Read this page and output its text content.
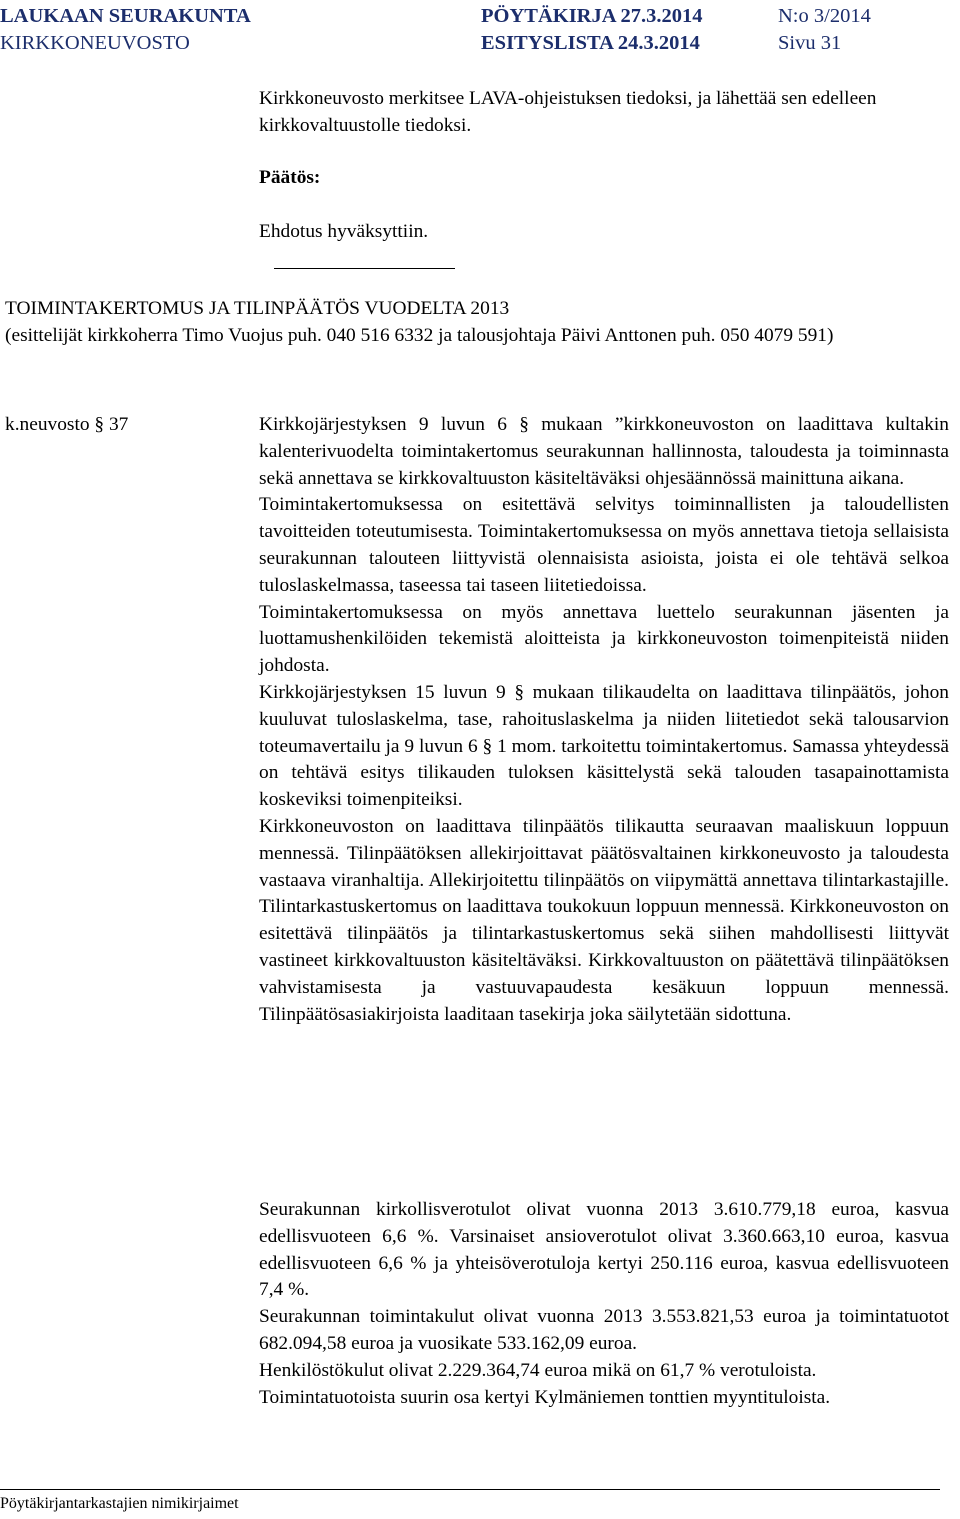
LAUKAAN SEURAKUNTA
KIRKKONEUVOSTO
PÖYTÄKIRJA 27.3.2014
ESITYSLISTA 24.3.2014
N:o 3/2014
Sivu 31

Kirkkoneuvosto merkitsee LAVA-ohjeistuksen tiedoksi, ja lähettää sen edelleen kirkkovaltuustolle tiedoksi.

Päätös:

Ehdotus hyväksyttiin.

TOIMINTAKERTOMUS JA TILINPÄÄTÖS VUODELTA 2013

(esittelijät kirkkoherra Timo Vuojus puh. 040 516 6332 ja talousjohtaja Päivi Anttonen puh. 050 4079 591)

k.neuvosto § 37	Kirkkojärjestyksen 9 luvun 6 § mukaan ”kirkkoneuvoston on laadittava kultakin kalenterivuodelta toimintakertomus seurakunnan hallinnosta, taloudesta ja toiminnasta sekä annettava se kirkkovaltuuston käsiteltäväksi ohjesäännössä mainittuna aikana.

Toimintakertomuksessa on esitettävä selvitys toiminnallisten ja taloudellisten tavoitteiden toteutumisesta. Toimintakertomuksessa on myös annettava tietoja sellaisista seurakunnan talouteen liittyvistä olennaisista asioista, joista ei ole tehtävä selkoa tuloslaskelmassa, taseessa tai taseen liitetiedoissa.

Toimintakertomuksessa on myös annettava luettelo seurakunnan jäsenten ja luottamushenkilöiden tekemistä aloitteista ja kirkkoneuvoston toimenpiteistä niiden johdosta.

Kirkkojärjestyksen 15 luvun 9 § mukaan tilikaudelta on laadittava tilinpäätös, johon kuuluvat tuloslaskelma, tase, rahoituslaskelma ja niiden liitetiedot sekä talousarvion toteumavertailu ja 9 luvun 6 § 1 mom. tarkoitettu toimintakertomus. Samassa yhteydessä on tehtävä esitys tilikauden tuloksen käsittelystä sekä talouden tasapainottamista koskeviksi toimenpiteiksi.

Kirkkoneuvoston on laadittava tilinpäätös tilikautta seuraavan maaliskuun loppuun mennessä. Tilinpäätöksen allekirjoittavat päätösvaltainen kirkkoneuvosto ja taloudesta vastaava viranhaltija. Allekirjoitettu tilinpäätös on viipymättä annettava tilintarkastajille. Tilintarkastuskertomus on laadittava toukokuun loppuun mennessä. Kirkkoneuvoston on esitettävä tilinpäätös ja tilintarkastuskertomus sekä siihen mahdollisesti liittyvät vastineet kirkkovaltuuston käsiteltäväksi. Kirkkovaltuuston on päätettävä tilinpäätöksen vahvistamisesta ja vastuuvapaudesta kesäkuun loppuun mennessä. Tilinpäätösasiakirjoista laaditaan tasekirja joka säilytetään sidottuna.

Seurakunnan kirkollisverotulot olivat vuonna 2013 3.610.779,18 euroa, kasvua edellisvuoteen 6,6 %. Varsinaiset ansioverotulot olivat 3.360.663,10 euroa, kasvua edellisvuoteen 6,6 % ja yhteisöverotuloja kertyi 250.116 euroa, kasvua edellisvuoteen 7,4 %.

Seurakunnan toimintakulut olivat vuonna 2013 3.553.821,53 euroa ja toimintatuotot 682.094,58 euroa ja vuosikate 533.162,09 euroa.

Henkilöstökulut olivat 2.229.364,74 euroa mikä on 61,7 % verotuloista.

Toimintatuotoista suurin osa kertyi Kylmäniemen tonttien myyntituloista.

Pöytäkirjantarkastajien nimikirjaimet
